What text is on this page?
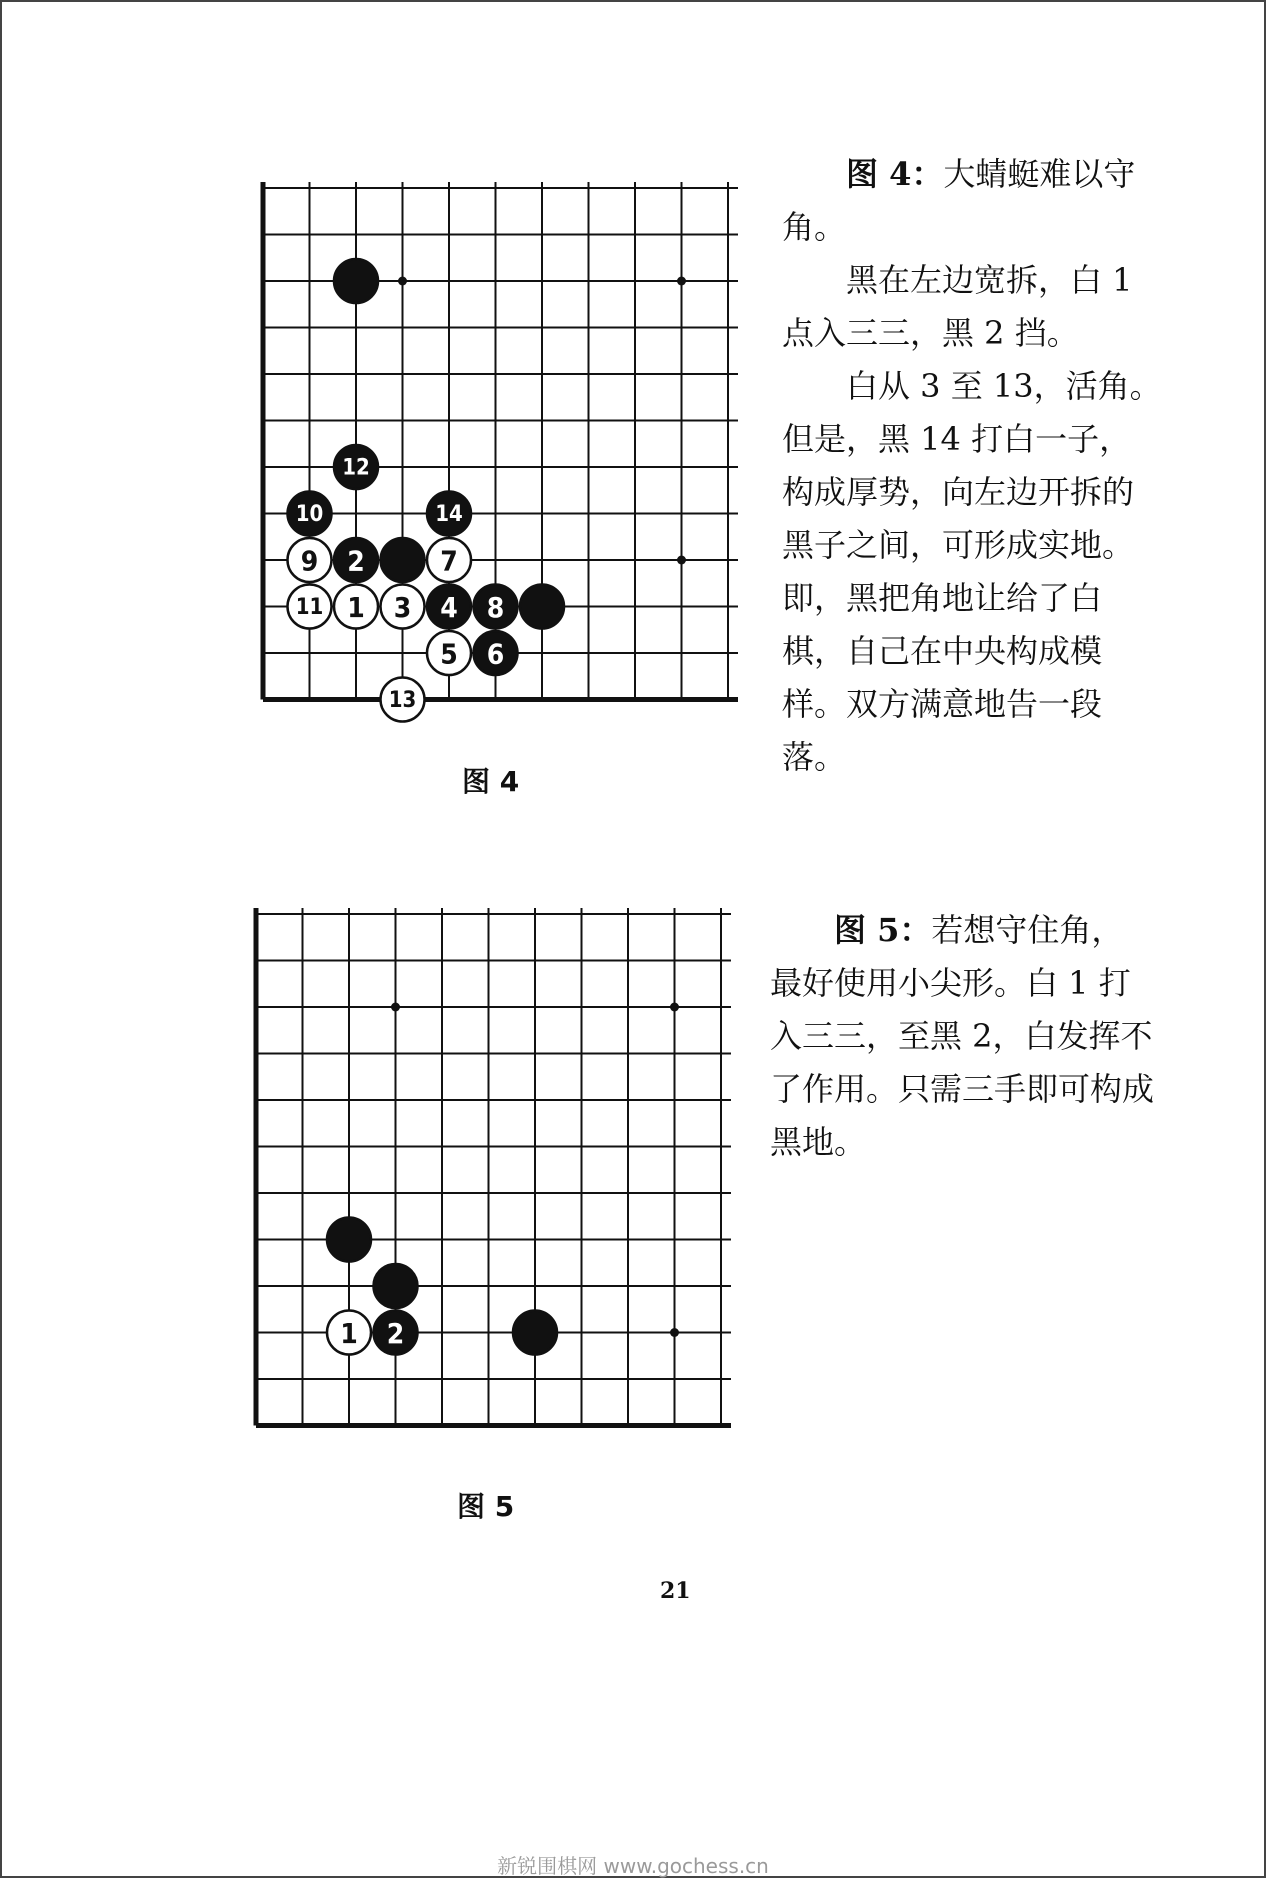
12
10	14
9 2	7
11 1 3 4 8
5 6
13
图 4

图 4：大蜻蜓难以守角。

黑在左边宽拆，白 1 点入三三，黑 2 挡。

白从 3 至 13，活角。但是，黑 14 打白一子，构成厚势，向左边开拆的黑子之间，可形成实地。即，黑把角地让给了白棋，自己在中央构成模样。双方满意地告一段落。

1 2
图 5

图 5：若想守住角，最好使用小尖形。白 1 打入三三，至黑 2，白发挥不了作用。只需三手即可构成黑地。

21
新锐围棋网 www.gochess.cn
